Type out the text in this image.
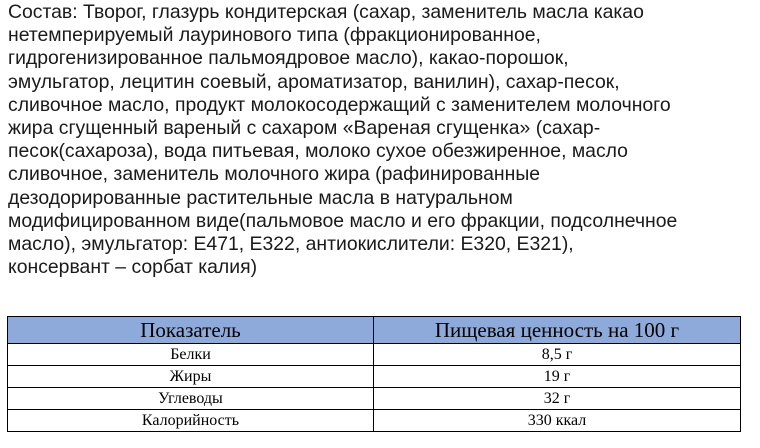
Состав: Творог, глазурь кондитерская (сахар, заменитель масла какао
нетемперируемый лауринового типа (фракционированное,
гидрогенизированное пальмоядровое масло), какао-порошок,
эмульгатор, лецитин соевый, ароматизатор, ванилин), сахар-песок,
сливочное масло, продукт молокосодержащий с заменителем молочного
жира сгущенный вареный с сахаром «Вареная сгущенка» (сахар-
песок(сахароза), вода питьевая, молоко сухое обезжиренное, масло
сливочное, заменитель молочного жира (рафинированные
дезодорированные растительные масла в натуральном
модифицированном виде(пальмовое масло и его фракции, подсолнечное
масло), эмульгатор: Е471, Е322, антиокислители: Е320, Е321),
консервант – сорбат калия)

Показатель	Пищевая ценность на 100 г
Белки	8,5 г
Жиры	19 г
Углеводы	32 г
Калорийность	330 ккал
